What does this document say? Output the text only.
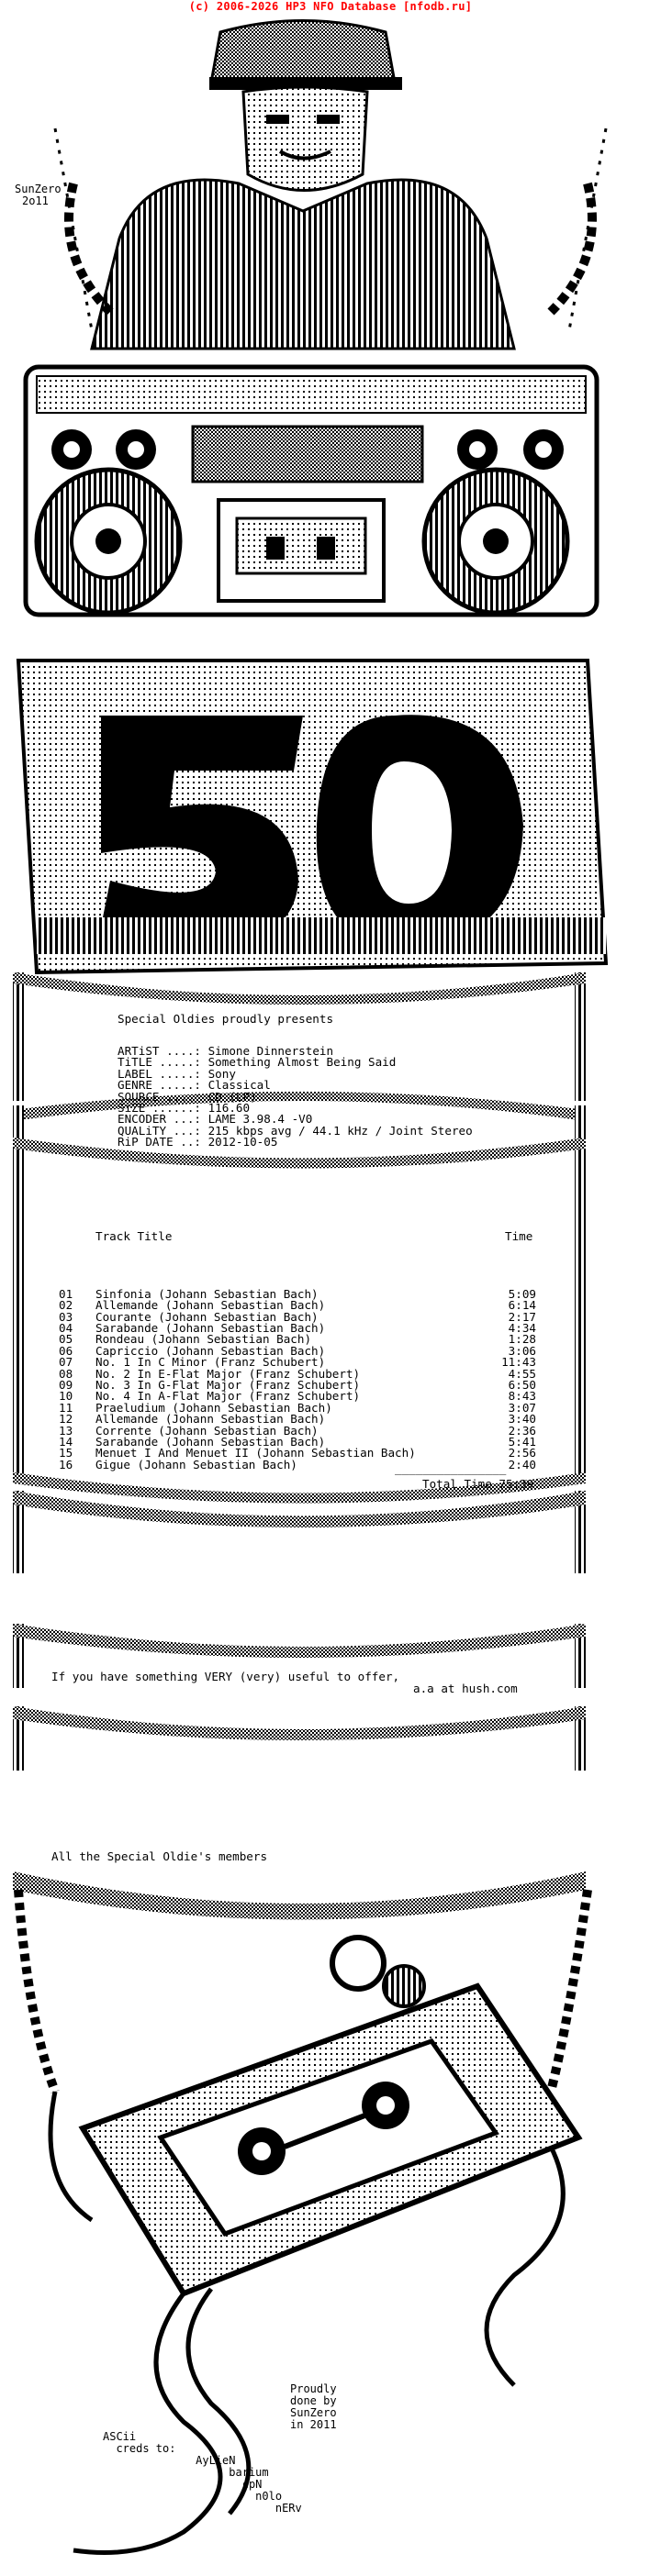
(c) 2006-2026 HP3 NFO Database [nfodb.ru]
SunZero
2o11
Special Oldies proudly presents
ARTiST ....: Simone Dinnerstein
TiTLE .....: Something Almost Being Said
LABEL .....: Sony
GENRE .....: Classical
SOURCE ....: CD (LP)
SiZE ......: 116.60
ENCODER ...: LAME 3.98.4 -V0
QUALiTY ...: 215 kbps avg / 44.1 kHz / Joint Stereo
RiP DATE ..: 2012-10-05
Track Title	Time

01 Sinfonia (Johann Sebastian Bach)	5:09
02 Allemande (Johann Sebastian Bach)	6:14
03 Courante (Johann Sebastian Bach)	2:17
04 Sarabande (Johann Sebastian Bach)	4:34
05 Rondeau (Johann Sebastian Bach)	1:28
06 Capriccio (Johann Sebastian Bach)	3:06
07 No. 1 In C Minor (Franz Schubert)	11:43
08 No. 2 In E-Flat Major (Franz Schubert)	4:55
09 No. 3 In G-Flat Major (Franz Schubert)	6:50
10 No. 4 In A-Flat Major (Franz Schubert)	8:43
11 Praeludium (Johann Sebastian Bach)	3:07
12 Allemande (Johann Sebastian Bach)	3:40
13 Corrente (Johann Sebastian Bach)	2:36
14 Sarabande (Johann Sebastian Bach)	5:41
15 Menuet I And Menuet II (Johann Sebastian Bach)	2:56
16 Gigue (Johann Sebastian Bach)	2:40

________________
Total Time 75:39
If you have something VERY (very) useful to offer,
a.a at hush.com
All the Special Oldie's members
Proudly
done by
SunZero
in 2011
ASCii
creds to:
AyLieN
barium
cpN
n0lo
nERv
